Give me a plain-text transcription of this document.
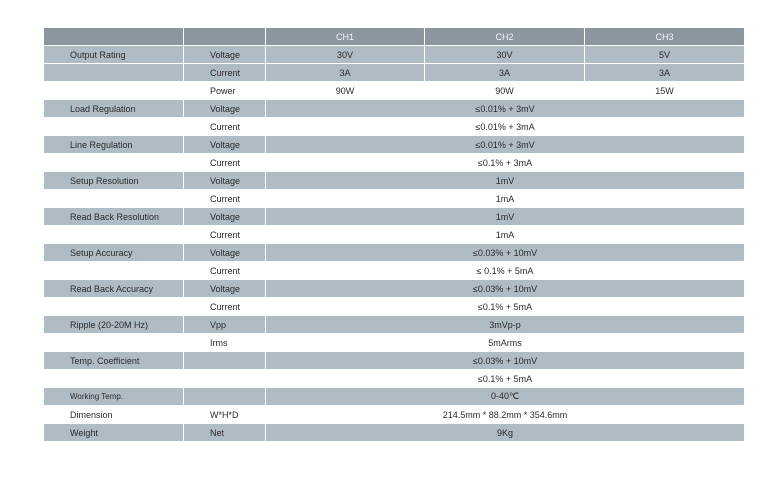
		CH1	CH2	CH3
Output Rating	Voltage	30V	30V	5V
	Current	3A	3A	3A
	Power	90W	90W	15W
Load Regulation	Voltage	≤0.01% + 3mV		
	Current	≤0.01% + 3mA		
Line Regulation	Voltage	≤0.01% + 3mV		
	Current	≤0.1% + 3mA		
Setup Resolution	Voltage	1mV		
	Current	1mA		
Read Back Resolution	Voltage	1mV		
	Current	1mA		
Setup Accuracy	Voltage	≤0.03% + 10mV		
	Current	≤ 0.1% + 5mA		
Read Back Accuracy	Voltage	≤0.03% + 10mV		
	Current	≤0.1% + 5mA		
Ripple (20-20M Hz)	Vpp	3mVp-p		
	Irms	5mArms		
Temp. Coefficient		≤0.03% + 10mV		
		≤0.1% + 5mA		
Working Temp.		0-40℃		
Dimension	W*H*D	214.5mm * 88.2mm * 354.6mm		
Weight	Net	9Kg		
